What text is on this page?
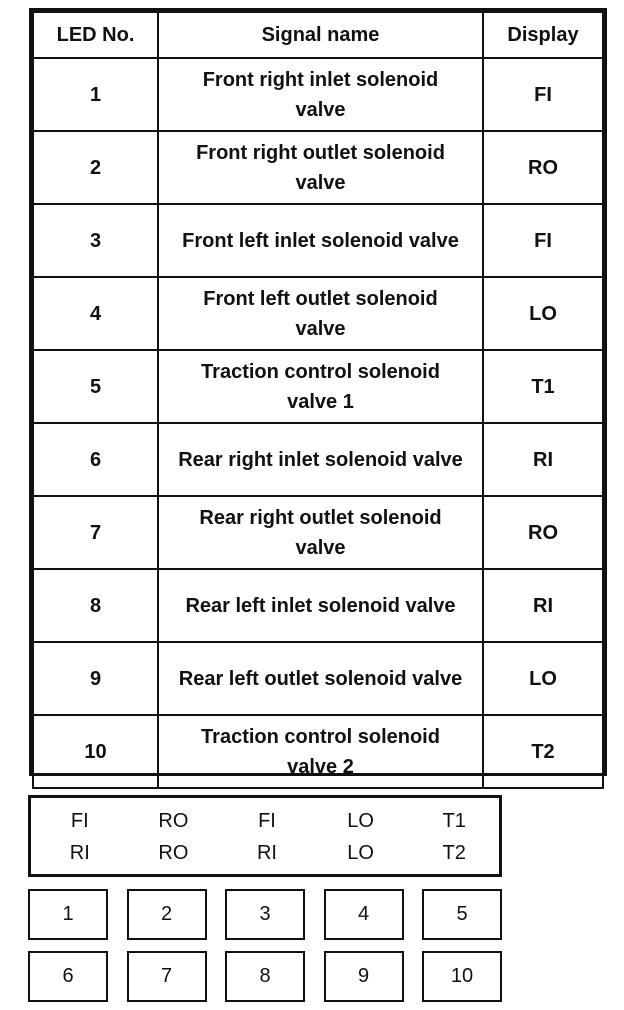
LED No.	Signal name	Display
1	Front right inlet solenoid valve	FI
2	Front right outlet solenoid valve	RO
3	Front left inlet solenoid valve	FI
4	Front left outlet solenoid valve	LO
5	Traction control solenoid valve 1	T1
6	Rear right inlet solenoid valve	RI
7	Rear right outlet solenoid valve	RO
8	Rear left inlet solenoid valve	RI
9	Rear left outlet solenoid valve	LO
10	Traction control solenoid valve 2	T2
FI	RO	FI	LO	T1
RI	RO	RI	LO	T2
1	2	3	4	5
6	7	8	9	10
